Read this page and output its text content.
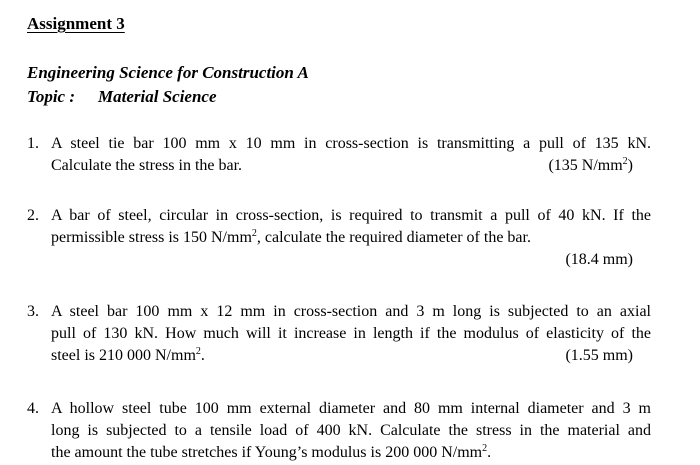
Assignment 3

Engineering Science for Construction A

Topic : Material Science

1. A steel tie bar 100 mm x 10 mm in cross-section is transmitting a pull of 135 kN.
Calculate the stress in the bar.	(135 $N/mm^2$)
2. A bar of steel, circular in cross-section, is required to transmit a pull of 40 kN. If the
permissible stress is 150 $N/mm^2$, calculate the required diameter of the bar.
(18.4 mm)
3. A steel bar 100 mm x 12 mm in cross-section and 3 m long is subjected to an axial
pull of 130 kN. How much will it increase in length if the modulus of elasticity of the
steel is 210 000 $N/mm^2$.	(1.55 mm)
4. A hollow steel tube 100 mm external diameter and 80 mm internal diameter and 3 m
long is subjected to a tensile load of 400 kN. Calculate the stress in the material and
the amount the tube stretches if Young’s modulus is 200 000 $N/mm^2$.
